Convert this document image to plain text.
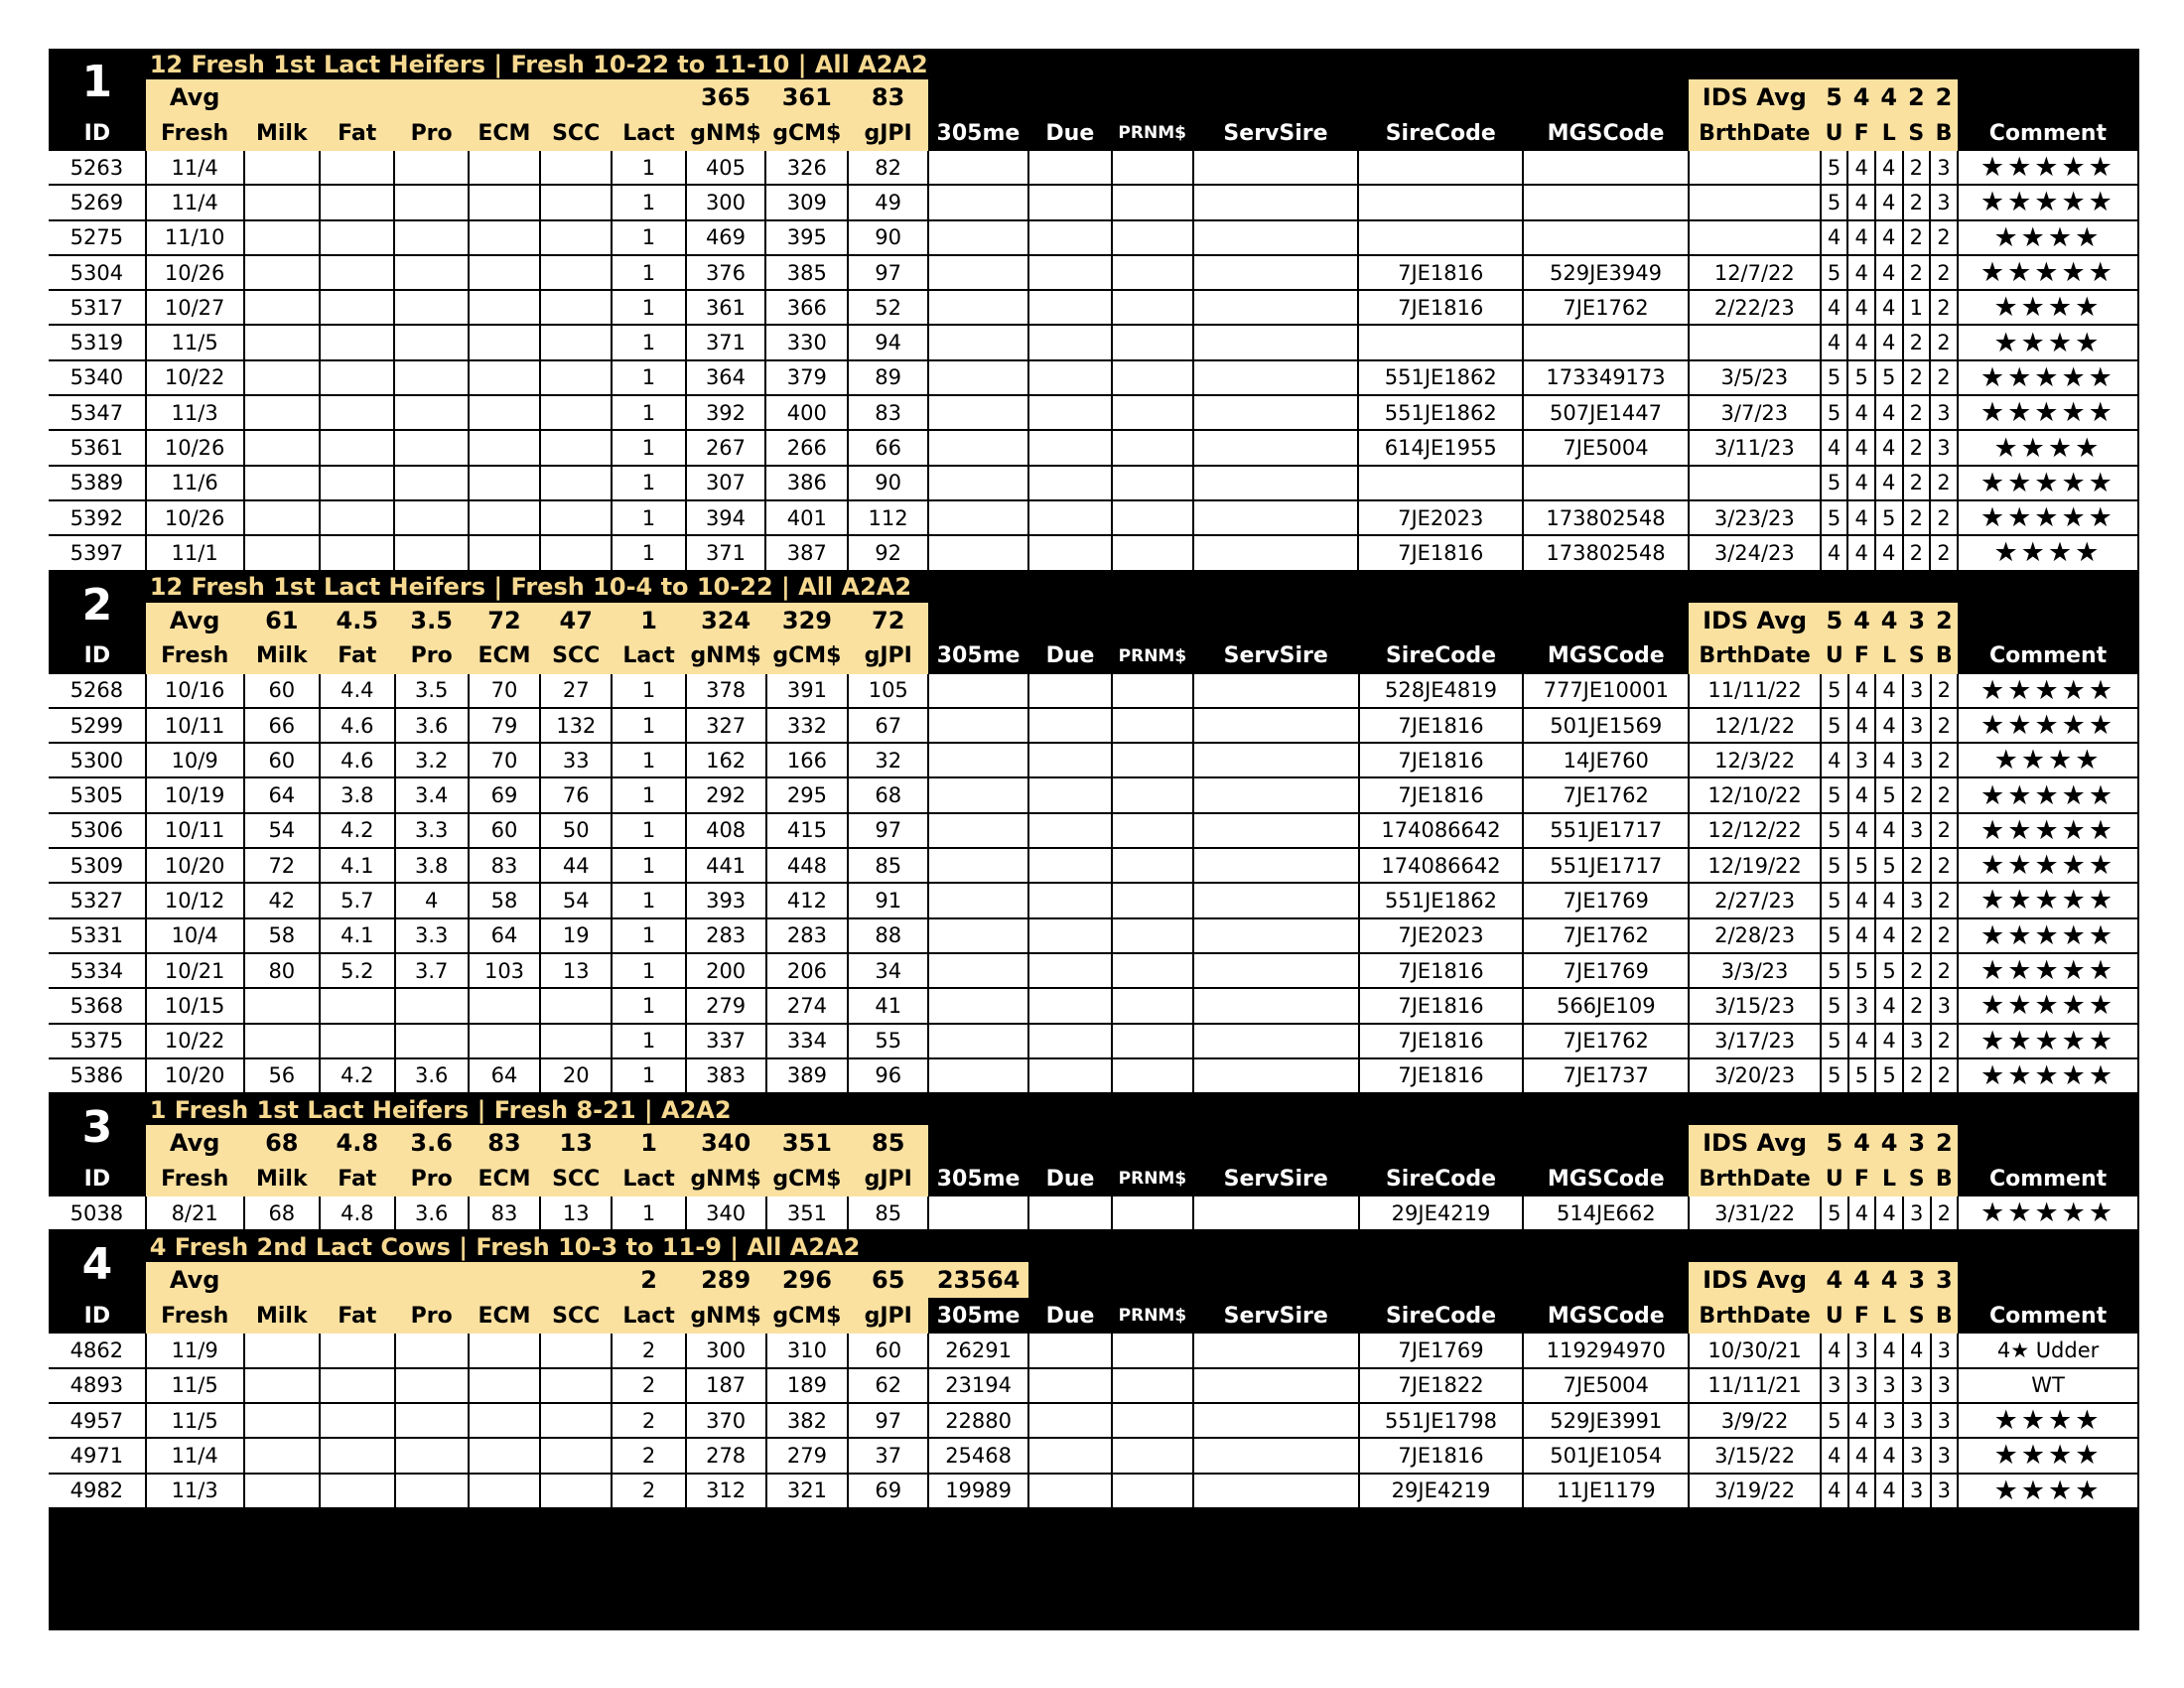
1	12 Fresh 1st Lact Heifers | Fresh 10-22 to 11-10 | All A2A2																						
	Avg							365	361	83							IDS Avg	5	4	4	2	2	
ID	Fresh	Milk	Fat	Pro	ECM	SCC	Lact	gNM$	gCM$	gJPI	305me	Due	PRNM$	ServSire	SireCode	MGSCode	BrthDate	U	F	L	S	B	Comment
5263	11/4						1	405	326	82								5	4	4	2	3	★★★★★
5269	11/4						1	300	309	49								5	4	4	2	3	★★★★★
5275	11/10						1	469	395	90								4	4	4	2	2	★★★★
5304	10/26						1	376	385	97					7JE1816	529JE3949	12/7/22	5	4	4	2	2	★★★★★
5317	10/27						1	361	366	52					7JE1816	7JE1762	2/22/23	4	4	4	1	2	★★★★
5319	11/5						1	371	330	94								4	4	4	2	2	★★★★
5340	10/22						1	364	379	89					551JE1862	173349173	3/5/23	5	5	5	2	2	★★★★★
5347	11/3						1	392	400	83					551JE1862	507JE1447	3/7/23	5	4	4	2	3	★★★★★
5361	10/26						1	267	266	66					614JE1955	7JE5004	3/11/23	4	4	4	2	3	★★★★
5389	11/6						1	307	386	90								5	4	4	2	2	★★★★★
5392	10/26						1	394	401	112					7JE2023	173802548	3/23/23	5	4	5	2	2	★★★★★
5397	11/1						1	371	387	92					7JE1816	173802548	3/24/23	4	4	4	2	2	★★★★
2	12 Fresh 1st Lact Heifers | Fresh 10-4 to 10-22 | All A2A2																						
	Avg	61	4.5	3.5	72	47	1	324	329	72							IDS Avg	5	4	4	3	2	
ID	Fresh	Milk	Fat	Pro	ECM	SCC	Lact	gNM$	gCM$	gJPI	305me	Due	PRNM$	ServSire	SireCode	MGSCode	BrthDate	U	F	L	S	B	Comment
5268	10/16	60	4.4	3.5	70	27	1	378	391	105					528JE4819	777JE10001	11/11/22	5	4	4	3	2	★★★★★
5299	10/11	66	4.6	3.6	79	132	1	327	332	67					7JE1816	501JE1569	12/1/22	5	4	4	3	2	★★★★★
5300	10/9	60	4.6	3.2	70	33	1	162	166	32					7JE1816	14JE760	12/3/22	4	3	4	3	2	★★★★
5305	10/19	64	3.8	3.4	69	76	1	292	295	68					7JE1816	7JE1762	12/10/22	5	4	5	2	2	★★★★★
5306	10/11	54	4.2	3.3	60	50	1	408	415	97					174086642	551JE1717	12/12/22	5	4	4	3	2	★★★★★
5309	10/20	72	4.1	3.8	83	44	1	441	448	85					174086642	551JE1717	12/19/22	5	5	5	2	2	★★★★★
5327	10/12	42	5.7	4	58	54	1	393	412	91					551JE1862	7JE1769	2/27/23	5	4	4	3	2	★★★★★
5331	10/4	58	4.1	3.3	64	19	1	283	283	88					7JE2023	7JE1762	2/28/23	5	4	4	2	2	★★★★★
5334	10/21	80	5.2	3.7	103	13	1	200	206	34					7JE1816	7JE1769	3/3/23	5	5	5	2	2	★★★★★
5368	10/15						1	279	274	41					7JE1816	566JE109	3/15/23	5	3	4	2	3	★★★★★
5375	10/22						1	337	334	55					7JE1816	7JE1762	3/17/23	5	4	4	3	2	★★★★★
5386	10/20	56	4.2	3.6	64	20	1	383	389	96					7JE1816	7JE1737	3/20/23	5	5	5	2	2	★★★★★
3	1 Fresh 1st Lact Heifers | Fresh 8-21 | A2A2																						
	Avg	68	4.8	3.6	83	13	1	340	351	85							IDS Avg	5	4	4	3	2	
ID	Fresh	Milk	Fat	Pro	ECM	SCC	Lact	gNM$	gCM$	gJPI	305me	Due	PRNM$	ServSire	SireCode	MGSCode	BrthDate	U	F	L	S	B	Comment
5038	8/21	68	4.8	3.6	83	13	1	340	351	85					29JE4219	514JE662	3/31/22	5	4	4	3	2	★★★★★
4	4 Fresh 2nd Lact Cows | Fresh 10-3 to 11-9 | All A2A2																						
	Avg						2	289	296	65	23564						IDS Avg	4	4	4	3	3	
ID	Fresh	Milk	Fat	Pro	ECM	SCC	Lact	gNM$	gCM$	gJPI	305me	Due	PRNM$	ServSire	SireCode	MGSCode	BrthDate	U	F	L	S	B	Comment
4862	11/9						2	300	310	60	26291				7JE1769	119294970	10/30/21	4	3	4	4	3	4★ Udder
4893	11/5						2	187	189	62	23194				7JE1822	7JE5004	11/11/21	3	3	3	3	3	WT
4957	11/5						2	370	382	97	22880				551JE1798	529JE3991	3/9/22	5	4	3	3	3	★★★★
4971	11/4						2	278	279	37	25468				7JE1816	501JE1054	3/15/22	4	4	4	3	3	★★★★
4982	11/3						2	312	321	69	19989				29JE4219	11JE1179	3/19/22	4	4	4	3	3	★★★★
